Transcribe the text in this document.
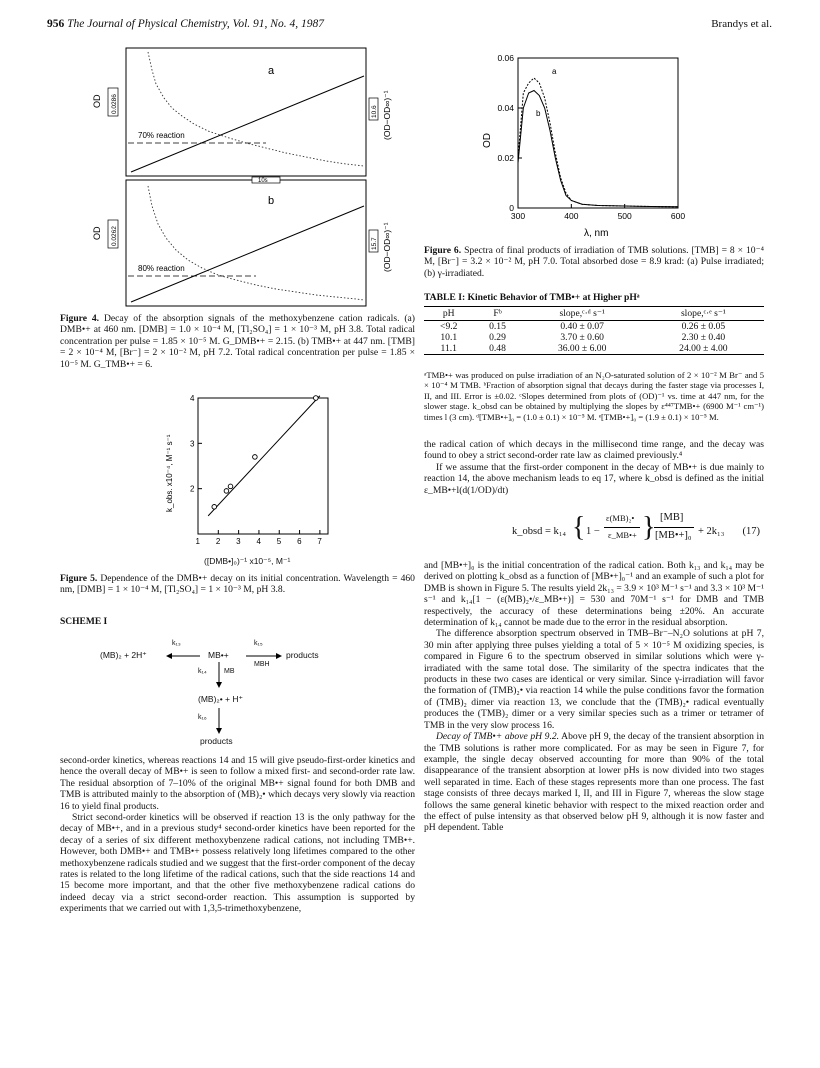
956 The Journal of Physical Chemistry, Vol. 91, No. 4, 1987	Brandys et al.
a
70% reaction
0.0286
OD
10.6 (OD−OD∞)⁻¹
10s
b
80% reaction
0.0262
OD
15.7 (OD−OD∞)⁻¹
Figure 4. Decay of the absorption signals of the methoxybenzene cation radicals. (a) DMB•+ at 460 nm. [DMB] = 1.0 × 10⁻⁴ M, [Tl₂SO₄] = 1 × 10⁻³ M, pH 3.8. Total radical concentration per pulse = 1.85 × 10⁻⁵ M. G_DMB•+ = 2.15. (b) TMB•+ at 447 nm. [TMB] = 2 × 10⁻⁴ M, [Br⁻] = 2 × 10⁻² M, pH 7.2. Total radical concentration per pulse = 1.85 × 10⁻⁵ M. G_TMB•+ = 6.
2
3
4
1 2 3 4 5 6 7
k_obs. x10⁻⁴, M⁻¹ s⁻¹
([DMB•]₀)⁻¹ x10⁻⁵, M⁻¹
Figure 5. Dependence of the DMB•+ decay on its initial concentration. Wavelength = 460 nm, [DMB] = 1 × 10⁻⁴ M, [Tl₂SO₄] = 1 × 10⁻³ M, pH 3.8.
SCHEME I
(MB)₂ + 2H⁺
k₁₃
MB•+
k₁₅
MBH
products
k₁₄ MB
(MB)₂• + H⁺
k₁₆
products

second-order kinetics, whereas reactions 14 and 15 will give pseudo-first-order kinetics and hence the overall decay of MB•+ is seen to follow a mixed first- and second-order rate law. The residual absorption of 7–10% of the original MB•+ signal found for both DMB and TMB is attributed mainly to the absorption of (MB)₂• which decays very slowly via reaction 16 to yield final products.

Strict second-order kinetics will be observed if reaction 13 is the only pathway for the decay of MB•+, and in a previous study⁴ second-order kinetics have been reported for the decay of a series of six different methoxybenzene radical cations, not including TMB•+. However, both DMB•+ and TMB•+ possess relatively long lifetimes compared to the other methoxybenzene radicals studied and we suggest that the first-order component of the decay rates is related to the long lifetime of the radical cations, such that the side reactions 14 and 15 become more important, and that the other five methoxybenzene radical cations do indeed decay via a strict second-order reaction. This assumption is supported by experiments that we carried out with 1,3,5-trimethoxybenzene,

0
0.02
0.04
0.06
300	400	500	600
OD
a
b
λ, nm
Figure 6. Spectra of final products of irradiation of TMB solutions. [TMB] = 8 × 10⁻⁴ M, [Br⁻] = 3.2 × 10⁻² M, pH 7.0. Total absorbed dose = 8.9 krad: (a) Pulse irradiated; (b) γ-irradiated.
TABLE I: Kinetic Behavior of TMB•+ at Higher pHᵃ
pH	Fᵇ	slope,ᶜ·ᵈ s⁻¹	slope,ᶜ·ᵉ s⁻¹
<9.2	0.15	0.40 ± 0.07	0.26 ± 0.05
10.1	0.29	3.70 ± 0.60	2.30 ± 0.40
11.1	0.48	36.00 ± 6.00	24.00 ± 4.00
ᵃTMB•+ was produced on pulse irradiation of an N₂O-saturated solution of 2 × 10⁻² M Br⁻ and 5 × 10⁻⁴ M TMB. ᵇFraction of absorption signal that decays during the faster stage via processes I, II, and III. Error is ±0.02. ᶜSlopes determined from plots of (OD)⁻¹ vs. time at 447 nm, for the slower stage. k_obsd can be obtained by multiplying the slopes by ε⁴⁴⁷TMB•+ (6900 M⁻¹ cm⁻¹) times l (3 cm). ᵈ[TMB•+]₀ = (1.0 ± 0.1) × 10⁻⁵ M. ᵉ[TMB•+]₀ = (1.9 ± 0.1) × 10⁻⁵ M.

the radical cation of which decays in the millisecond time range, and the decay was found to obey a strict second-order rate law as claimed previously.⁴

If we assume that the first-order component in the decay of MB•+ is due mainly to reaction 14, the above mechanism leads to eq 17, where k_obsd is defined as the initial ε_MB•+l(d(1/OD)/dt)

k_obsd = k₁₄ { 1 −
ε(MB)₂•
ε_MB•+ } [MB]
[MB•+]₀ + 2k₁₃ (17)

and [MB•+]₀ is the initial concentration of the radical cation. Both k₁₃ and k₁₄ may be derived on plotting k_obsd as a function of [MB•+]₀⁻¹ and an example of such a plot for DMB is shown in Figure 5. The results yield 2k₁₃ = 3.9 × 10³ M⁻¹ s⁻¹ and 3.3 × 10³ M⁻¹ s⁻¹ and k₁₄[1 − (ε(MB)₂•/ε_MB•+)] = 530 and 70M⁻¹ s⁻¹ for DMB and TMB respectively, the accuracy of these determinations being ±20%. An accurate determination of k₁₄ cannot be made due to the error in the residual absorption.

The difference absorption spectrum observed in TMB–Br⁻–N₂O solutions at pH 7, 30 min after applying three pulses yielding a total of 5 × 10⁻⁵ M oxidizing species, is compared in Figure 6 to the spectrum observed in similar solutions which were γ-irradiated with the same total dose. The similarity of the spectra indicates that the products in these two cases are identical or very similar. Since γ-irradiation will favor the formation of (TMB)₂• via reaction 14 while the pulse conditions favor the formation of (TMB)₂ dimer via reaction 13, we conclude that the (TMB)₂• radical eventually produces the (TMB)₂ dimer or a very similar species such as a trimer or tetramer of TMB in the very slow process 16.

Decay of TMB•+ above pH 9.2. Above pH 9, the decay of the transient absorption in the TMB solutions is rather more complicated. For as may be seen in Figure 7, for example, the single decay observed accounting for more than 90% of the total disappearance of the transient absorption at lower pHs is now divided into two stages well separated in time. Each of these stages represents more than one process. The fast stage consists of three decays marked I, II, and III in Figure 7, whereas the slow stage follows the same general kinetic behavior with respect to the mixed reaction order and the effect of pulse intensity as that observed below pH 9, although it is now faster and pH dependent. Table
